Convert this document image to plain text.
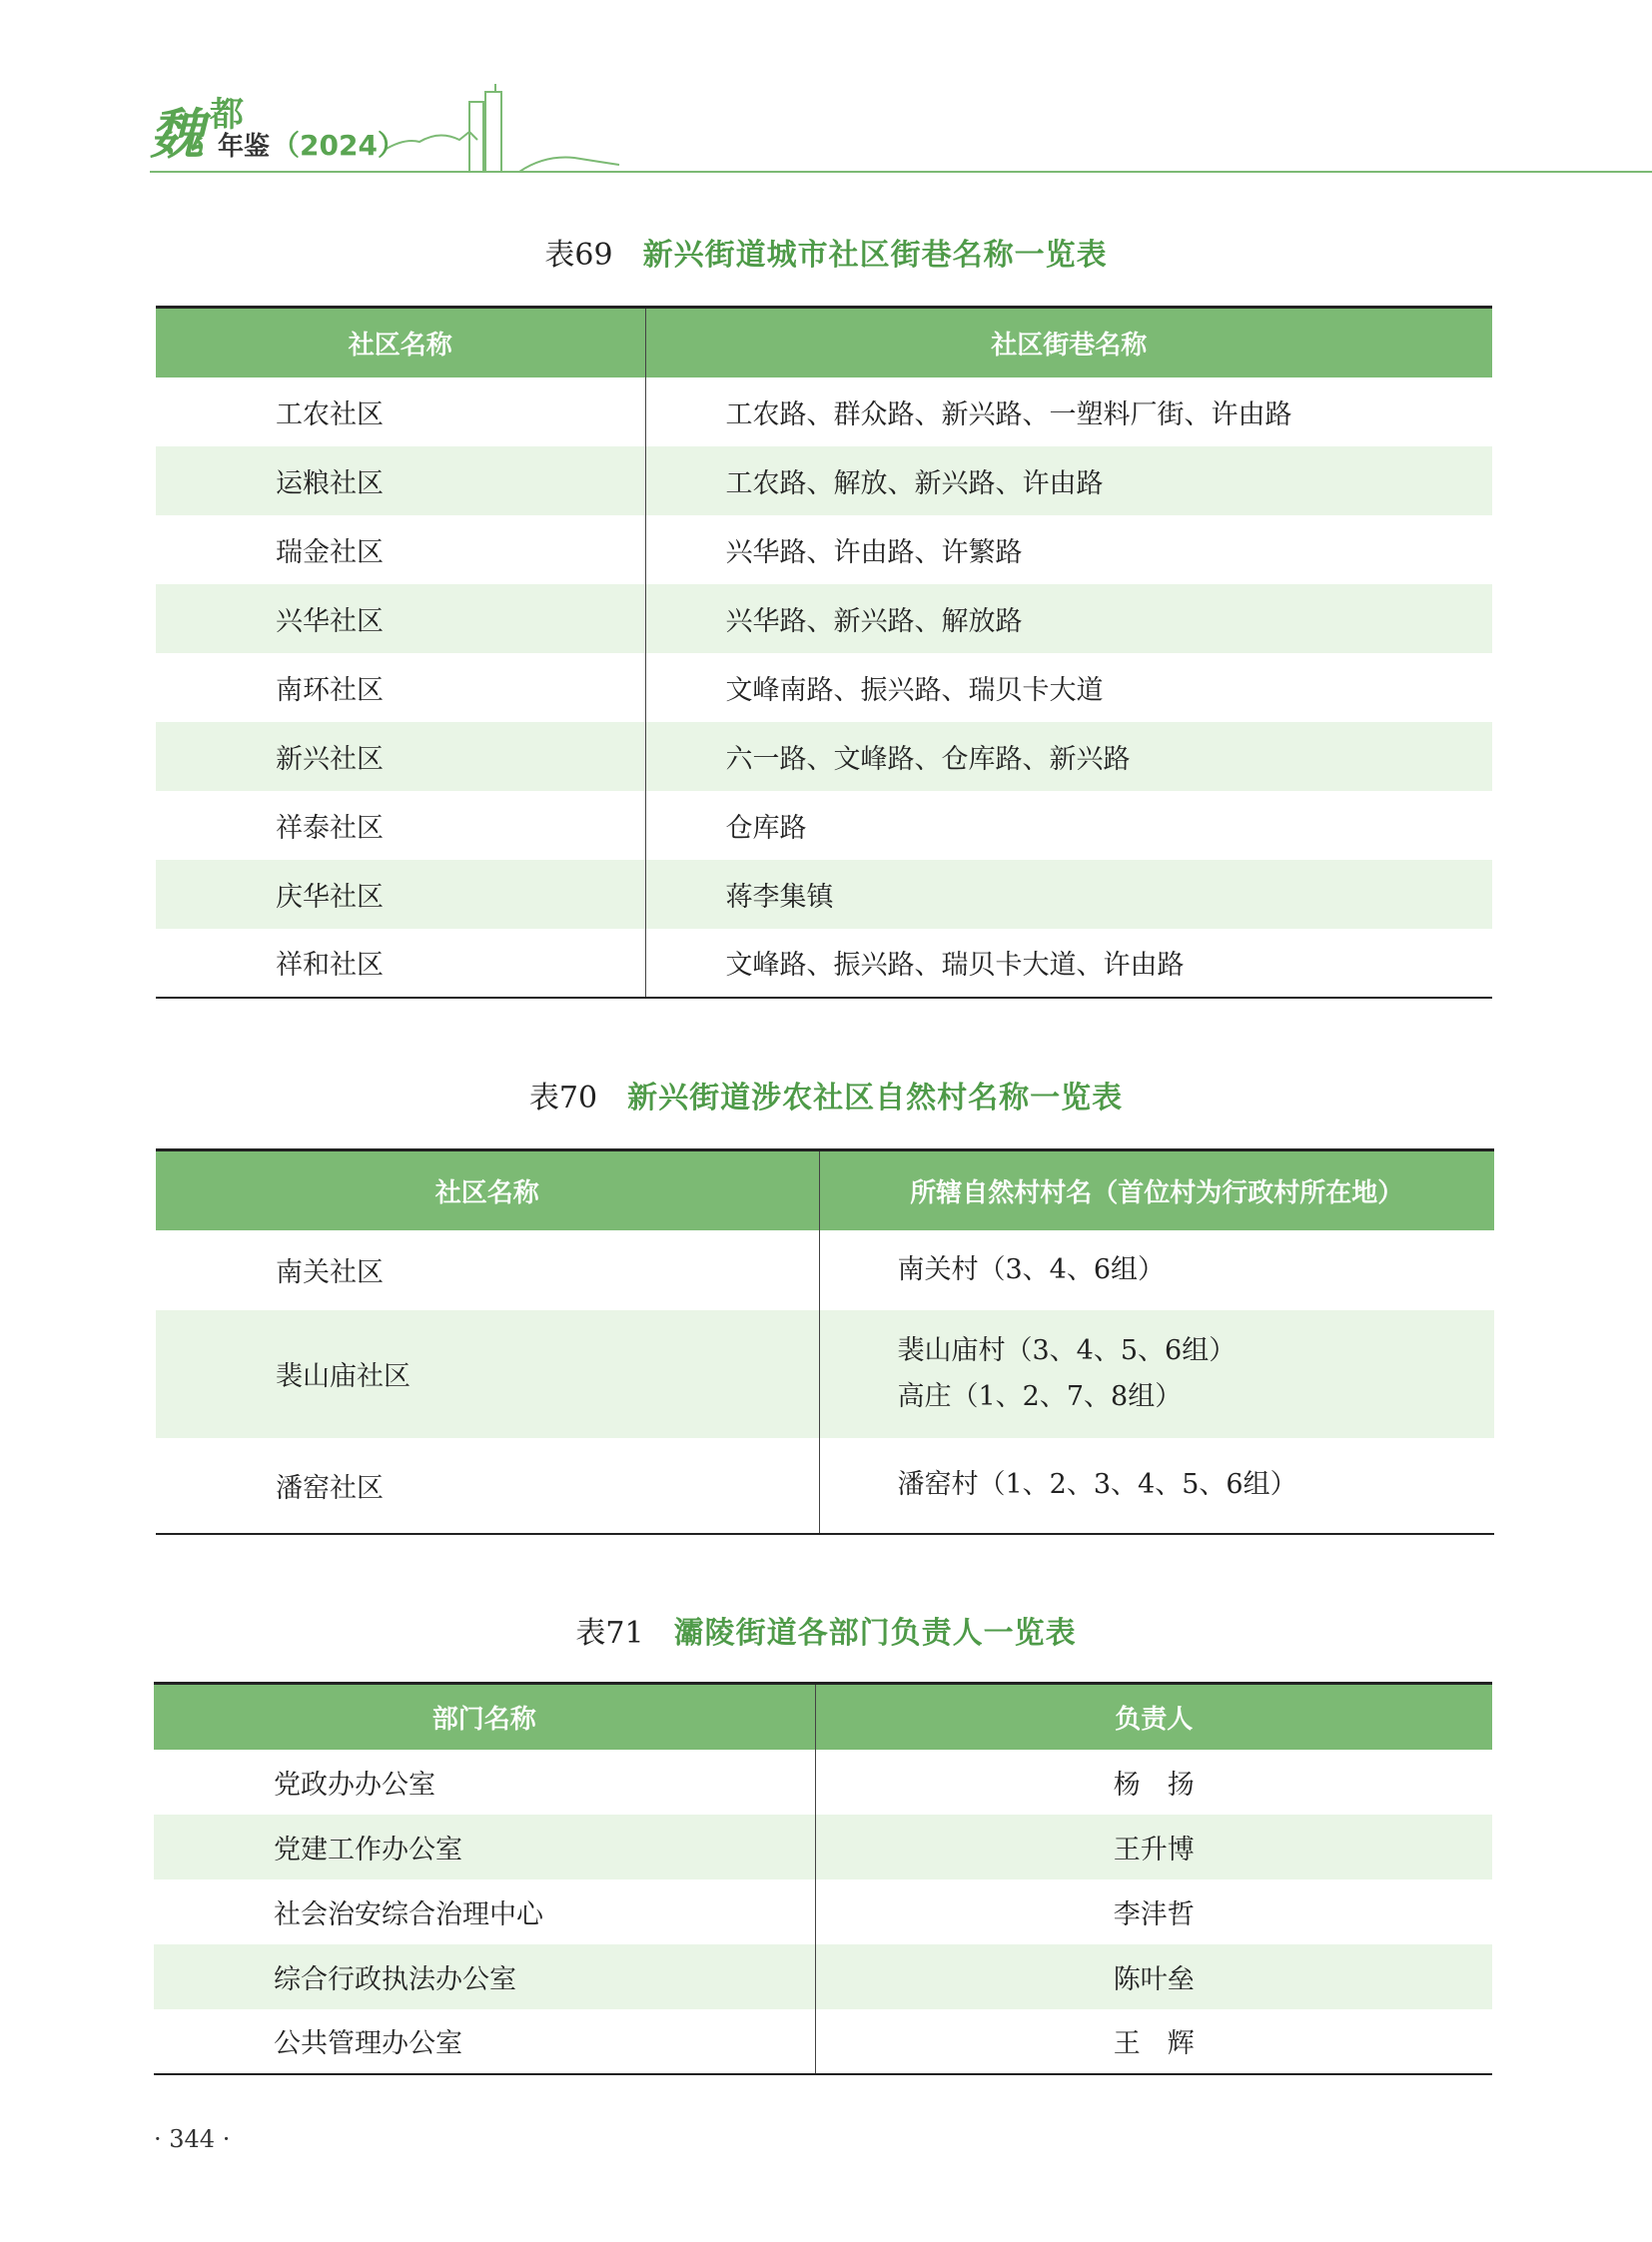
魏 都
年鉴 （2024）
表69 新兴街道城市社区街巷名称一览表
社区名称	社区街巷名称
工农社区	工农路、群众路、新兴路、一塑料厂街、许由路
运粮社区	工农路、解放、新兴路、许由路
瑞金社区	兴华路、许由路、许繁路
兴华社区	兴华路、新兴路、解放路
南环社区	文峰南路、振兴路、瑞贝卡大道
新兴社区	六一路、文峰路、仓库路、新兴路
祥泰社区	仓库路
庆华社区	蒋李集镇
祥和社区	文峰路、振兴路、瑞贝卡大道、许由路
表70 新兴街道涉农社区自然村名称一览表
社区名称	所辖自然村村名（首位村为行政村所在地）
南关社区	南关村（3、4、6组）

裴山庙社区	裴山庙村（3、4、5、6组）
高庄（1、2、7、8组）

潘窑社区	潘窑村（1、2、3、4、5、6组）
表71 灞陵街道各部门负责人一览表
部门名称	负责人
党政办办公室	杨　扬
党建工作办公室	王升博
社会治安综合治理中心	李沣哲
综合行政执法办公室	陈叶垒
公共管理办公室	王　辉
· 344 ·
